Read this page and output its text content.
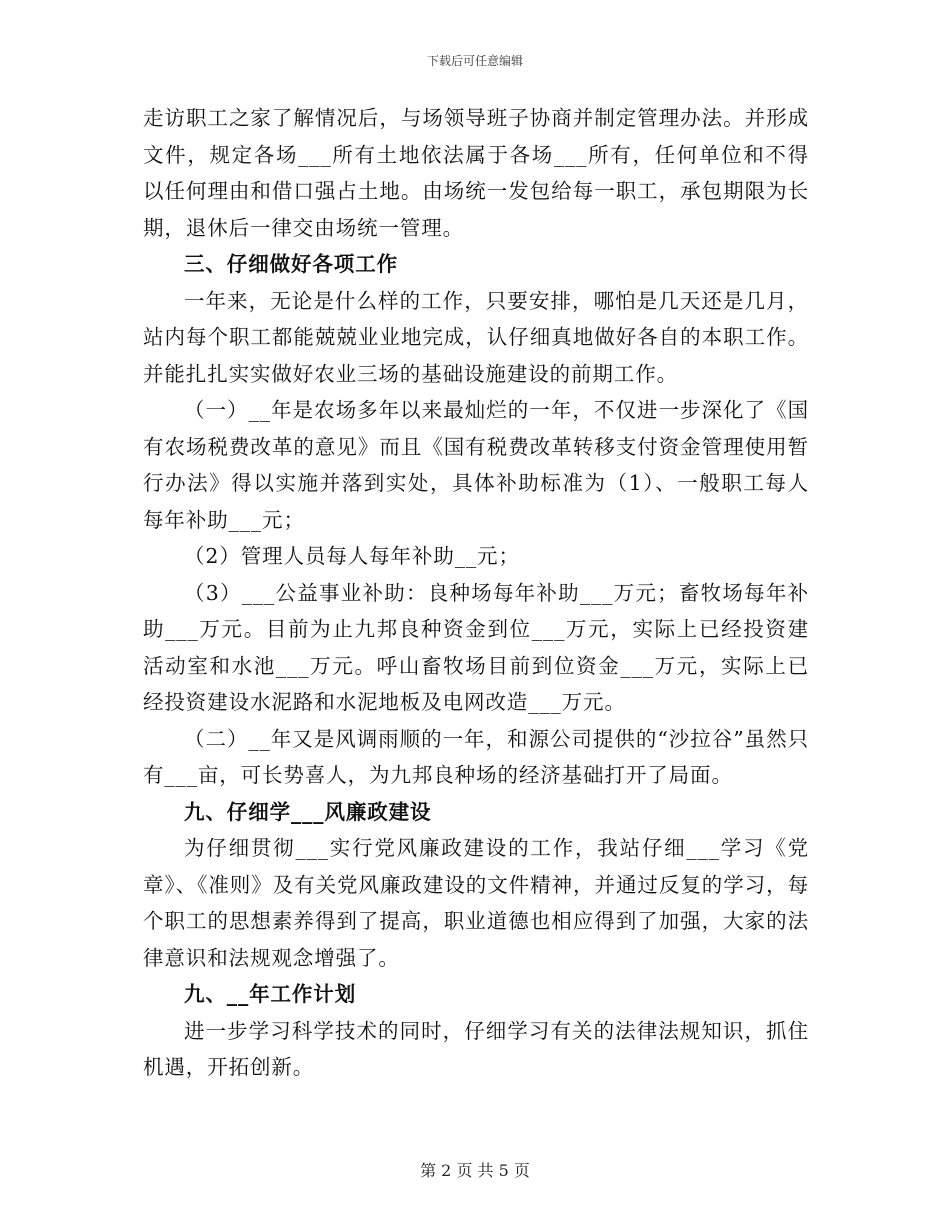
下载后可任意编辑

走访职工之家了解情况后，与场领导班子协商并制定管理办法。并形成文件，规定各场___所有土地依法属于各场___所有，任何单位和不得以任何理由和借口强占土地。由场统一发包给每一职工，承包期限为长期，退休后一律交由场统一管理。

三、仔细做好各项工作

一年来，无论是什么样的工作，只要安排，哪怕是几天还是几月，站内每个职工都能兢兢业业地完成，认仔细真地做好各自的本职工作。并能扎扎实实做好农业三场的基础设施建设的前期工作。

（一）__年是农场多年以来最灿烂的一年，不仅进一步深化了《国有农场税费改革的意见》而且《国有税费改革转移支付资金管理使用暂行办法》得以实施并落到实处，具体补助标准为（1）、一般职工每人每年补助___元；

（2）管理人员每人每年补助__元；

（3）___公益事业补助：良种场每年补助___万元；畜牧场每年补助___万元。目前为止九邦良种资金到位___万元，实际上已经投资建活动室和水池___万元。呼山畜牧场目前到位资金___万元，实际上已经投资建设水泥路和水泥地板及电网改造___万元。

（二）__年又是风调雨顺的一年，和源公司提供的“沙拉谷”虽然只有___亩，可长势喜人，为九邦良种场的经济基础打开了局面。

九、仔细学___风廉政建设

为仔细贯彻___实行党风廉政建设的工作，我站仔细___学习《党章》、《准则》及有关党风廉政建设的文件精神，并通过反复的学习，每个职工的思想素养得到了提高，职业道德也相应得到了加强，大家的法律意识和法规观念增强了。

九、__年工作计划

进一步学习科学技术的同时，仔细学习有关的法律法规知识，抓住机遇，开拓创新。

第 2 页 共 5 页
